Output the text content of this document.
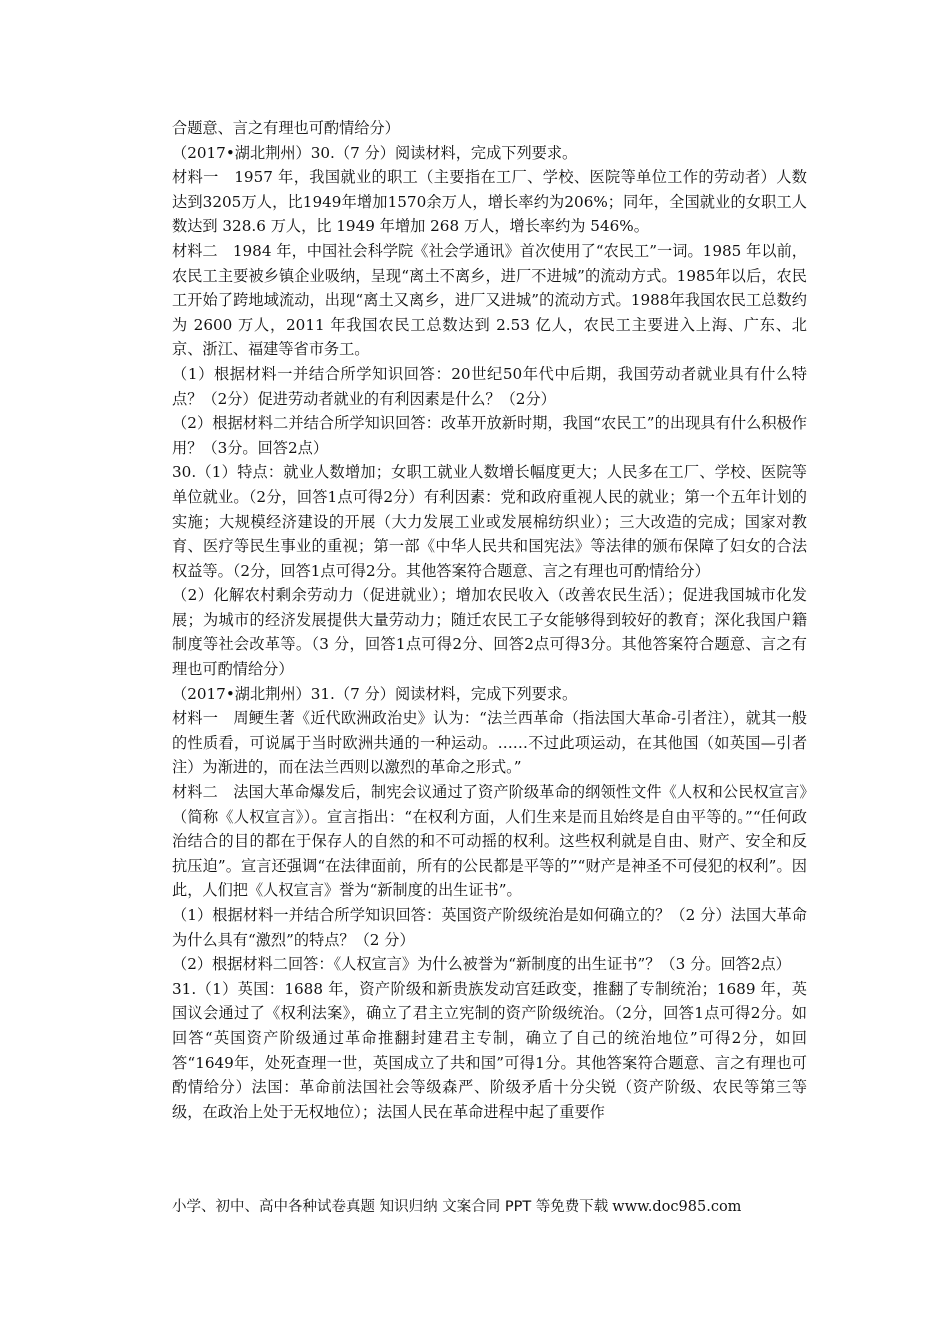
合题意、言之有理也可酌情给分）

（2017•湖北荆州）30.（7 分）阅读材料，完成下列要求。

材料一　1957 年，我国就业的职工（主要指在工厂、学校、医院等单位工作的劳动者）人数达到3205万人，比1949年增加1570余万人，增长率约为206%；同年，全国就业的女职工人数达到 328.6 万人，比 1949 年增加 268 万人，增长率约为 546%。

材料二　1984 年，中国社会科学院《社会学通讯》首次使用了“农民工”一词。1985 年以前，农民工主要被乡镇企业吸纳，呈现“离土不离乡，进厂不进城”的流动方式。1985年以后，农民工开始了跨地域流动，出现“离土又离乡，进厂又进城”的流动方式。1988年我国农民工总数约为 2600 万人，2011 年我国农民工总数达到 2.53 亿人，农民工主要进入上海、广东、北京、浙江、福建等省市务工。

（1）根据材料一并结合所学知识回答：20世纪50年代中后期，我国劳动者就业具有什么特点？（2分）促进劳动者就业的有利因素是什么？（2分）

（2）根据材料二并结合所学知识回答：改革开放新时期，我国“农民工”的出现具有什么积极作用？（3分。回答2点）

30.（1）特点：就业人数增加；女职工就业人数增长幅度更大；人民多在工厂、学校、医院等单位就业。（2分，回答1点可得2分）有利因素：党和政府重视人民的就业；第一个五年计划的实施；大规模经济建设的开展（大力发展工业或发展棉纺织业）；三大改造的完成；国家对教育、医疗等民生事业的重视；第一部《中华人民共和国宪法》等法律的颁布保障了妇女的合法权益等。（2分，回答1点可得2分。其他答案符合题意、言之有理也可酌情给分）

（2）化解农村剩余劳动力（促进就业）；增加农民收入（改善农民生活）；促进我国城市化发展；为城市的经济发展提供大量劳动力；随迁农民工子女能够得到较好的教育；深化我国户籍制度等社会改革等。（3 分，回答1点可得2分、回答2点可得3分。其他答案符合题意、言之有理也可酌情给分）

（2017•湖北荆州）31.（7 分）阅读材料，完成下列要求。

材料一　周鲠生著《近代欧洲政治史》认为：“法兰西革命（指法国大革命-引者注），就其一般的性质看，可说属于当时欧洲共通的一种运动。……不过此项运动，在其他国（如英国—引者注）为渐进的，而在法兰西则以激烈的革命之形式。”

材料二　法国大革命爆发后，制宪会议通过了资产阶级革命的纲领性文件《人权和公民权宣言》（简称《人权宣言》）。宣言指出：“在权利方面，人们生来是而且始终是自由平等的。”“任何政治结合的目的都在于保存人的自然的和不可动摇的权利。这些权利就是自由、财产、安全和反抗压迫”。宣言还强调“在法律面前，所有的公民都是平等的”“财产是神圣不可侵犯的权利”。因此，人们把《人权宣言》誉为“新制度的出生证书”。

（1）根据材料一并结合所学知识回答：英国资产阶级统治是如何确立的？（2 分）法国大革命为什么具有“激烈”的特点？（2 分）

（2）根据材料二回答：《人权宣言》为什么被誉为“新制度的出生证书”？（3 分。回答2点）

31.（1）英国：1688 年，资产阶级和新贵族发动宫廷政变，推翻了专制统治；1689 年，英国议会通过了《权利法案》，确立了君主立宪制的资产阶级统治。（2分，回答1点可得2分。如回答“英国资产阶级通过革命推翻封建君主专制，确立了自己的统治地位”可得2分，如回答“1649年，处死查理一世，英国成立了共和国”可得1分。其他答案符合题意、言之有理也可酌情给分）法国：革命前法国社会等级森严、阶级矛盾十分尖锐（资产阶级、农民等第三等级，在政治上处于无权地位）；法国人民在革命进程中起了重要作

小学、初中、高中各种试卷真题 知识归纳 文案合同 PPT 等免费下载 www.doc985.com
